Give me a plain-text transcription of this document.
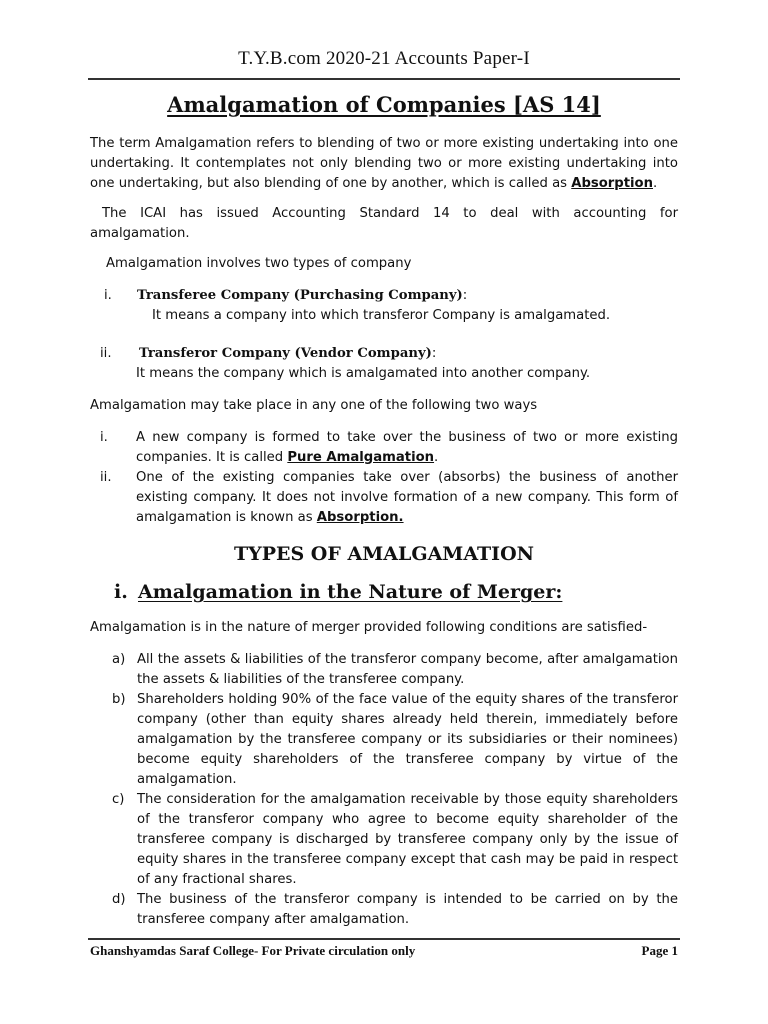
T.Y.B.com 2020-21 Accounts Paper-I
Amalgamation of Companies [AS 14]

The term Amalgamation refers to blending of two or more existing undertaking into one undertaking. It contemplates not only blending two or more existing undertaking into one undertaking, but also blending of one by another, which is called as Absorption.

The ICAI has issued Accounting Standard 14 to deal with accounting for amalgamation.

Amalgamation involves two types of company

i. Transferee Company (Purchasing Company):
It means a company into which transferor Company is amalgamated.
ii. Transferor Company (Vendor Company):
It means the company which is amalgamated into another company.

Amalgamation may take place in any one of the following two ways

i.	A new company is formed to take over the business of two or more existing companies. It is called Pure Amalgamation.
ii.	One of the existing companies take over (absorbs) the business of another existing company. It does not involve formation of a new company. This form of amalgamation is known as Absorption.
TYPES OF AMALGAMATION
i. Amalgamation in the Nature of Merger:

Amalgamation is in the nature of merger provided following conditions are satisfied-

a) All the assets & liabilities of the transferor company become, after amalgamation the assets & liabilities of the transferee company.
b) Shareholders holding 90% of the face value of the equity shares of the transferor company (other than equity shares already held therein, immediately before amalgamation by the transferee company or its subsidiaries or their nominees) become equity shareholders of the transferee company by virtue of the amalgamation.
c) The consideration for the amalgamation receivable by those equity shareholders of the transferor company who agree to become equity shareholder of the transferee company is discharged by transferee company only by the issue of equity shares in the transferee company except that cash may be paid in respect of any fractional shares.
d) The business of the transferor company is intended to be carried on by the transferee company after amalgamation.
Ghanshyamdas Saraf College- For Private circulation only	Page 1
